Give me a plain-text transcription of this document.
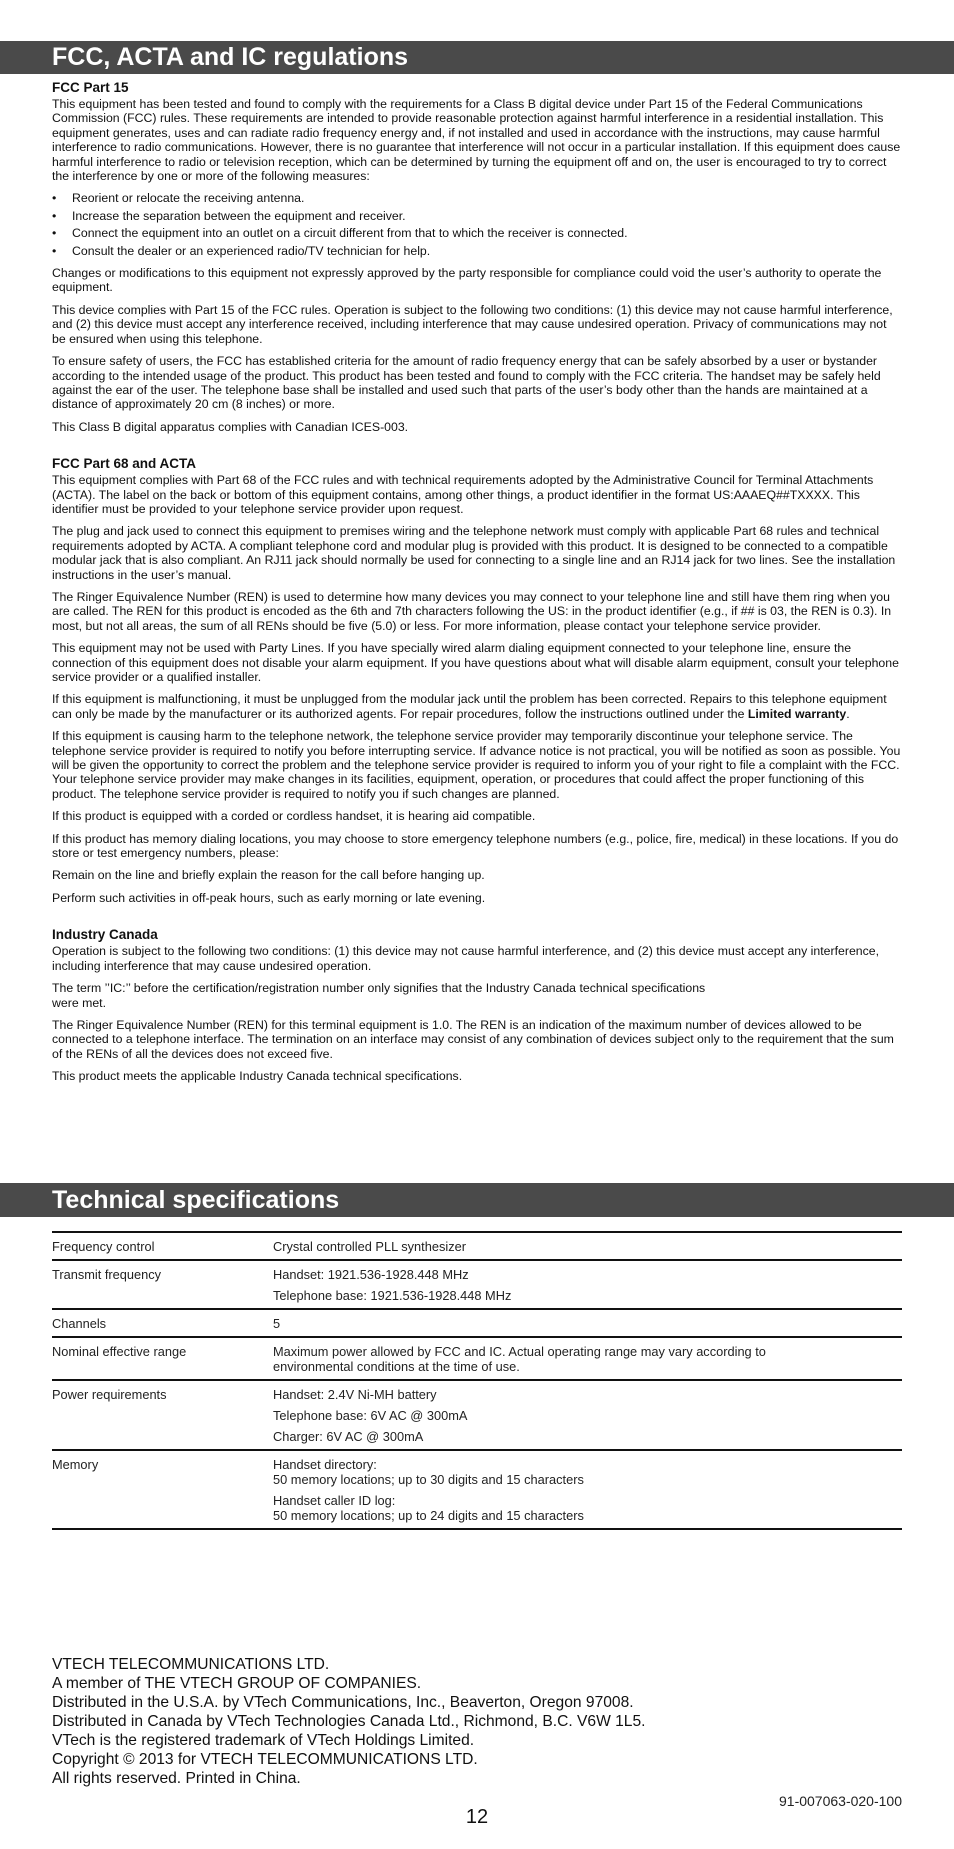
FCC, ACTA and IC regulations
FCC Part 15

This equipment has been tested and found to comply with the requirements for a Class B digital device under Part 15 of the Federal Communications Commission (FCC) rules. These requirements are intended to provide reasonable protection against harmful interference in a residential installation. This equipment generates, uses and can radiate radio frequency energy and, if not installed and used in accordance with the instructions, may cause harmful interference to radio communications. However, there is no guarantee that interference will not occur in a particular installation. If this equipment does cause harmful interference to radio or television reception, which can be determined by turning the equipment off and on, the user is encouraged to try to correct the interference by one or more of the following measures:

• Reorient or relocate the receiving antenna.
• Increase the separation between the equipment and receiver.
• Connect the equipment into an outlet on a circuit different from that to which the receiver is connected.
• Consult the dealer or an experienced radio/TV technician for help.

Changes or modifications to this equipment not expressly approved by the party responsible for compliance could void the user’s authority to operate the equipment.

This device complies with Part 15 of the FCC rules. Operation is subject to the following two conditions: (1) this device may not cause harmful interference, and (2) this device must accept any interference received, including interference that may cause undesired operation. Privacy of communications may not be ensured when using this telephone.

To ensure safety of users, the FCC has established criteria for the amount of radio frequency energy that can be safely absorbed by a user or bystander according to the intended usage of the product. This product has been tested and found to comply with the FCC criteria. The handset may be safely held against the ear of the user. The telephone base shall be installed and used such that parts of the user’s body other than the hands are maintained at a distance of approximately 20 cm (8 inches) or more.

This Class B digital apparatus complies with Canadian ICES-003.

FCC Part 68 and ACTA

This equipment complies with Part 68 of the FCC rules and with technical requirements adopted by the Administrative Council for Terminal Attachments (ACTA). The label on the back or bottom of this equipment contains, among other things, a product identifier in the format US:AAAEQ##TXXXX. This identifier must be provided to your telephone service provider upon request.

The plug and jack used to connect this equipment to premises wiring and the telephone network must comply with applicable Part 68 rules and technical requirements adopted by ACTA. A compliant telephone cord and modular plug is provided with this product. It is designed to be connected to a compatible modular jack that is also compliant. An RJ11 jack should normally be used for connecting to a single line and an RJ14 jack for two lines. See the installation instructions in the user’s manual.

The Ringer Equivalence Number (REN) is used to determine how many devices you may connect to your telephone line and still have them ring when you are called. The REN for this product is encoded as the 6th and 7th characters following the US: in the product identifier (e.g., if ## is 03, the REN is 0.3). In most, but not all areas, the sum of all RENs should be five (5.0) or less. For more information, please contact your telephone service provider.

This equipment may not be used with Party Lines. If you have specially wired alarm dialing equipment connected to your telephone line, ensure the connection of this equipment does not disable your alarm equipment. If you have questions about what will disable alarm equipment, consult your telephone service provider or a qualified installer.

If this equipment is malfunctioning, it must be unplugged from the modular jack until the problem has been corrected. Repairs to this telephone equipment can only be made by the manufacturer or its authorized agents. For repair procedures, follow the instructions outlined under the Limited warranty.

If this equipment is causing harm to the telephone network, the telephone service provider may temporarily discontinue your telephone service. The telephone service provider is required to notify you before interrupting service. If advance notice is not practical, you will be notified as soon as possible. You will be given the opportunity to correct the problem and the telephone service provider is required to inform you of your right to file a complaint with the FCC. Your telephone service provider may make changes in its facilities, equipment, operation, or procedures that could affect the proper functioning of this product. The telephone service provider is required to notify you if such changes are planned.

If this product is equipped with a corded or cordless handset, it is hearing aid compatible.

If this product has memory dialing locations, you may choose to store emergency telephone numbers (e.g., police, fire, medical) in these locations. If you do store or test emergency numbers, please:

Remain on the line and briefly explain the reason for the call before hanging up.

Perform such activities in off-peak hours, such as early morning or late evening.

Industry Canada

Operation is subject to the following two conditions: (1) this device may not cause harmful interference, and (2) this device must accept any interference, including interference that may cause undesired operation.

The term ’’IC:’’ before the certification/registration number only signifies that the Industry Canada technical specifications
were met.

The Ringer Equivalence Number (REN) for this terminal equipment is 1.0. The REN is an indication of the maximum number of devices allowed to be connected to a telephone interface. The termination on an interface may consist of any combination of devices subject only to the requirement that the sum of the RENs of all the devices does not exceed five.

This product meets the applicable Industry Canada technical specifications.

Technical specifications
Frequency control	Crystal controlled PLL synthesizer
Transmit frequency	Handset: 1921.536-1928.448 MHz
Telephone base: 1921.536-1928.448 MHz
Channels	5
Nominal effective range	Maximum power allowed by FCC and IC. Actual operating range may vary according to
environmental conditions at the time of use.
Power requirements	Handset: 2.4V Ni-MH battery
Telephone base: 6V AC @ 300mA
Charger: 6V AC @ 300mA
Memory	Handset directory:
50 memory locations; up to 30 digits and 15 characters
Handset caller ID log:
50 memory locations; up to 24 digits and 15 characters
VTECH TELECOMMUNICATIONS LTD.
A member of THE VTECH GROUP OF COMPANIES.
Distributed in the U.S.A. by VTech Communications, Inc., Beaverton, Oregon 97008.
Distributed in Canada by VTech Technologies Canada Ltd., Richmond, B.C. V6W 1L5.
VTech is the registered trademark of VTech Holdings Limited.
Copyright © 2013 for VTECH TELECOMMUNICATIONS LTD.
All rights reserved. Printed in China.
91-007063-020-100
12
